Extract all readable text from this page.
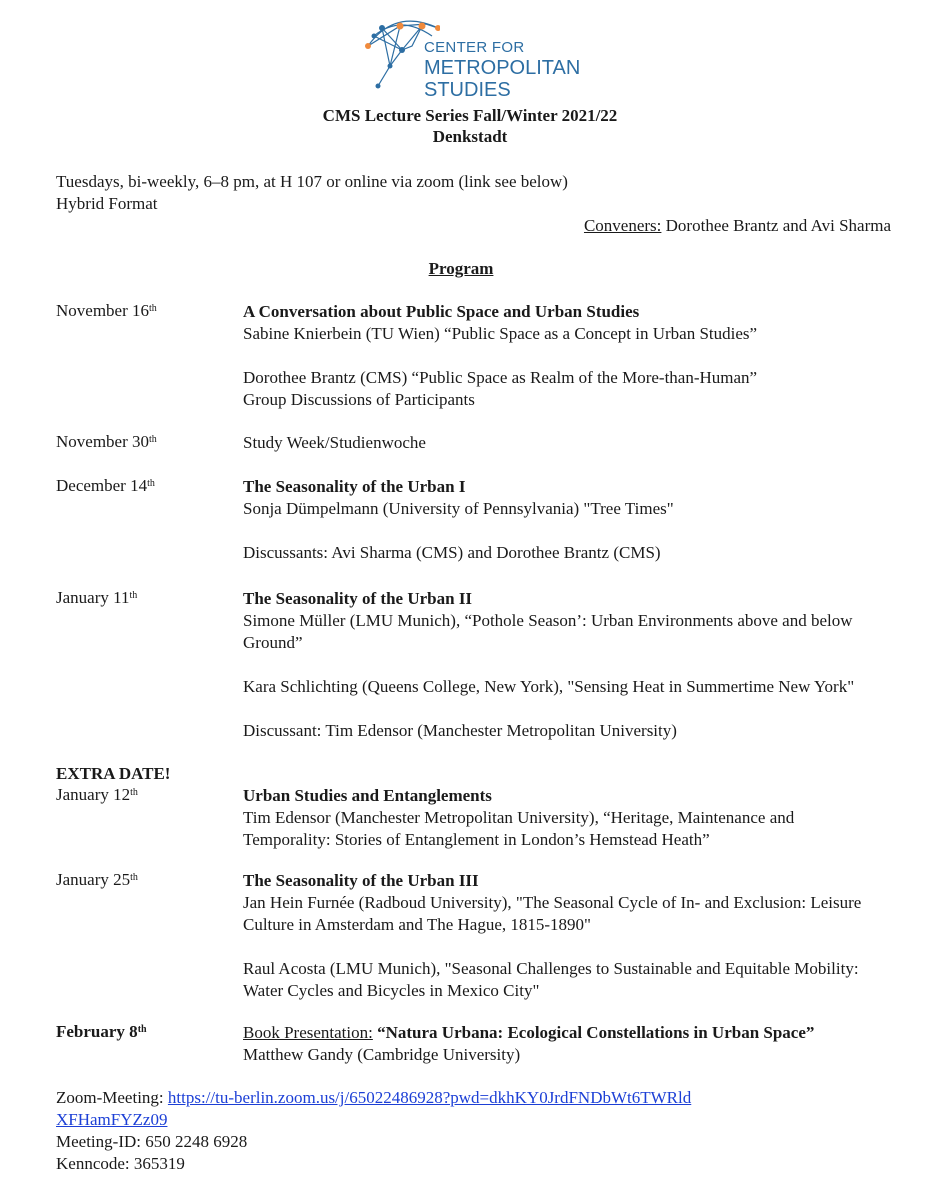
CENTER FOR
METROPOLITAN
STUDIES
CMS Lecture Series Fall/Winter 2021/22
Denkstadt
Tuesdays, bi-weekly, 6–8 pm, at H 107 or online via zoom (link see below)
Hybrid Format
Conveners: Dorothee Brantz and Avi Sharma
Program
November 16th	A Conversation about Public Space and Urban Studies

Sabine Knierbein (TU Wien) “Public Space as a Concept in Urban Studies”

Dorothee Brantz (CMS) “Public Space as Realm of the More-than-Human”

Group Discussions of Participants

November 30th	Study Week/Studienwoche

December 14th	The Seasonality of the Urban I

Sonja Dümpelmann (University of Pennsylvania) "Tree Times"

Discussants: Avi Sharma (CMS) and Dorothee Brantz (CMS)

January 11th	The Seasonality of the Urban II

Simone Müller (LMU Munich), “Pothole Season’: Urban Environments above and below Ground”

Kara Schlichting (Queens College, New York), "Sensing Heat in Summertime New York"

Discussant: Tim Edensor (Manchester Metropolitan University)

EXTRA DATE!
January 12th	Urban Studies and Entanglements

Tim Edensor (Manchester Metropolitan University), “Heritage, Maintenance and Temporality: Stories of Entanglement in London’s Hemstead Heath”

January 25th	The Seasonality of the Urban III

Jan Hein Furnée (Radboud University), "The Seasonal Cycle of In- and Exclusion: Leisure Culture in Amsterdam and The Hague, 1815-1890"

Raul Acosta (LMU Munich), "Seasonal Challenges to Sustainable and Equitable Mobility: Water Cycles and Bicycles in Mexico City"

February 8th	Book Presentation: “Natura Urbana: Ecological Constellations in Urban Space”

Matthew Gandy (Cambridge University)

Zoom-Meeting: https://tu-berlin.zoom.us/j/65022486928?pwd=dkhKY0JrdFNDbWt6TWRldXFHamFYZz09

Meeting-ID: 650 2248 6928

Kenncode: 365319
